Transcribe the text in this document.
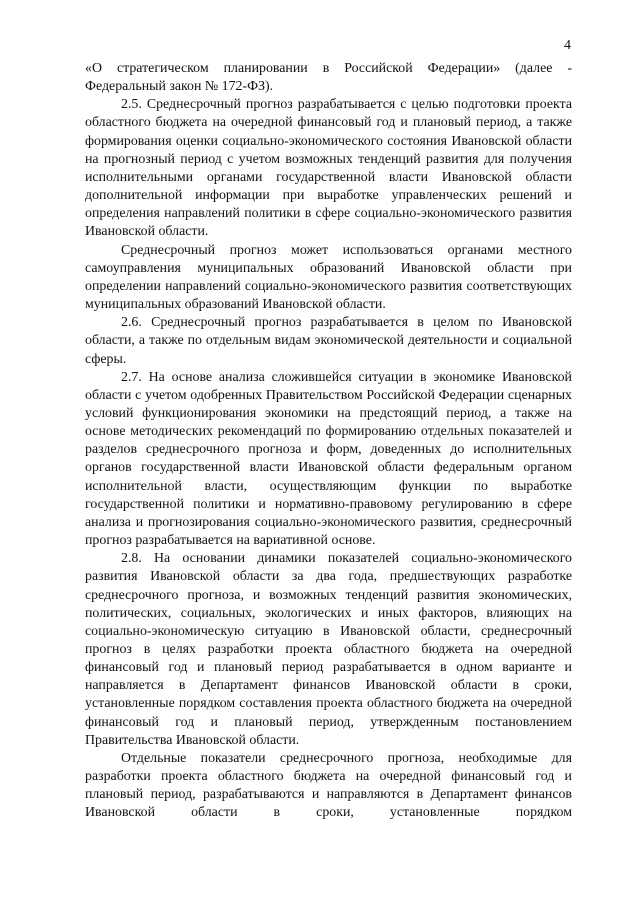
4

«О стратегическом планировании в Российской Федерации» (далее - Федеральный закон № 172-ФЗ).

2.5. Среднесрочный прогноз разрабатывается с целью подготовки проекта областного бюджета на очередной финансовый год и плановый период, а также формирования оценки социально-экономического состояния Ивановской области на прогнозный период с учетом возможных тенденций развития для получения исполнительными органами государственной власти Ивановской области дополнительной информации при выработке управленческих решений и определения направлений политики в сфере социально-экономического развития Ивановской области.

Среднесрочный прогноз может использоваться органами местного самоуправления муниципальных образований Ивановской области при определении направлений социально-экономического развития соответствующих муниципальных образований Ивановской области.

2.6. Среднесрочный прогноз разрабатывается в целом по Ивановской области, а также по отдельным видам экономической деятельности и социальной сферы.

2.7. На основе анализа сложившейся ситуации в экономике Ивановской области с учетом одобренных Правительством Российской Федерации сценарных условий функционирования экономики на предстоящий период, а также на основе методических рекомендаций по формированию отдельных показателей и разделов среднесрочного прогноза и форм, доведенных до исполнительных органов государственной власти Ивановской области федеральным органом исполнительной власти, осуществляющим функции по выработке государственной политики и нормативно-правовому регулированию в сфере анализа и прогнозирования социально-экономического развития, среднесрочный прогноз разрабатывается на вариативной основе.

2.8. На основании динамики показателей социально-экономического развития Ивановской области за два года, предшествующих разработке среднесрочного прогноза, и возможных тенденций развития экономических, политических, социальных, экологических и иных факторов, влияющих на социально-экономическую ситуацию в Ивановской области, среднесрочный прогноз в целях разработки проекта областного бюджета на очередной финансовый год и плановый период разрабатывается в одном варианте и направляется в Департамент финансов Ивановской области в сроки, установленные порядком составления проекта областного бюджета на очередной финансовый год и плановый период, утвержденным постановлением Правительства Ивановской области.

Отдельные показатели среднесрочного прогноза, необходимые для разработки проекта областного бюджета на очередной финансовый год и плановый период, разрабатываются и направляются в Департамент финансов Ивановской области в сроки, установленные порядком
